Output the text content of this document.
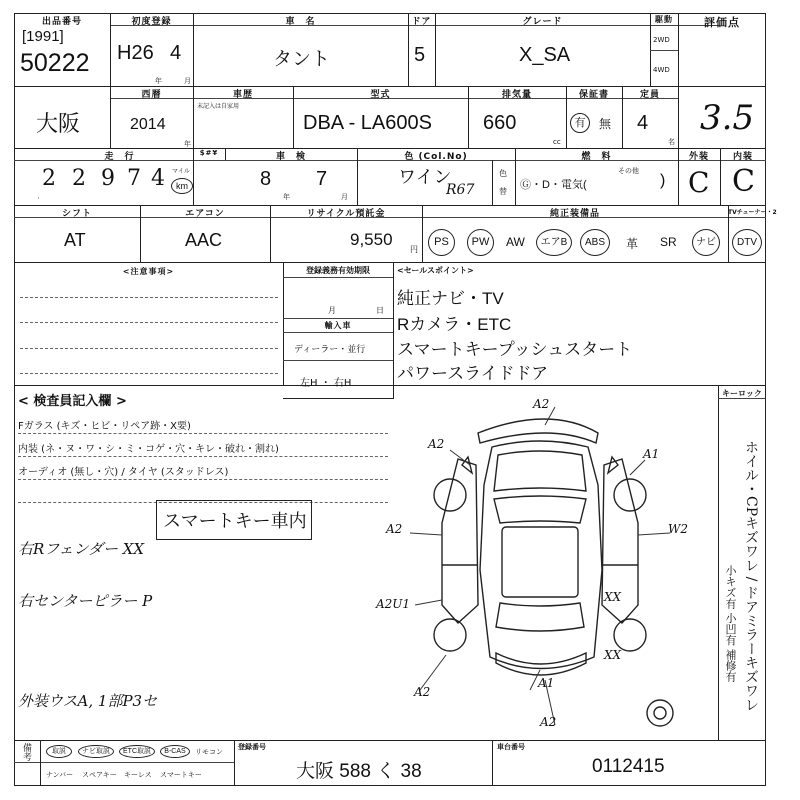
出品番号
[1991]
50222
初度登録
H26 4
年	月
車　名
タント
ドア
5
グレード
X_SA
駆動
2WD
4WD
評価点
3.5
大阪
西暦
2014
年
車歴
末記入は自家用
型式
DBA - LA600S
排気量
660
cc
保証書
有	無
定員
4
名
走　行
2 2 9 7 4
・
マイル
km
$#¥	車　検
8
年
7
月
色 (Col.No)
ワイン
R67
色
替
燃　料
Ⓖ・D・電気(
その他
)
外装	内装
C C
シフト
AT
エアコン
AAC
リサイクル預託金
9,550
円
純正装備品	TVチューナー・2
PS	PW	AW	エアB	ABS	革 SR	ナビ	DTV
<注意事項>	登録義務有効期限
月	日
輸入車
ディーラー・並行
左H ・ 右H
<セールスポイント>
純正ナビ・TV
Rカメラ・ETC
スマートキープッシュスタート
パワースライドドア
< 検査員記入欄 >
Fガラス (キズ・ヒビ・リペア跡・X要)
内装 (ネ・ヌ・ワ・シ・ミ・コゲ・穴・キレ・破れ・割れ)
オーディオ (無し・穴) / タイヤ (スタッドレス)
スマートキー車内
右Rフェンダー XX
右センターピラー P
外装ウスA, 1部P3セ
キーロック
ホイル・CPキズワレ / ドアミラーキズワレ
小キズ有 小凹有 補修有
A2
A1
A2
A2	W2
A2U1	XX
XX
A1
A2
A2
備考	取説	ナビ取説	ETC取説	B-CAS	リモコン
ナンバー スペアキー キーレス スマートキー
登録番号
大阪 588 く 38
車台番号
0112415
